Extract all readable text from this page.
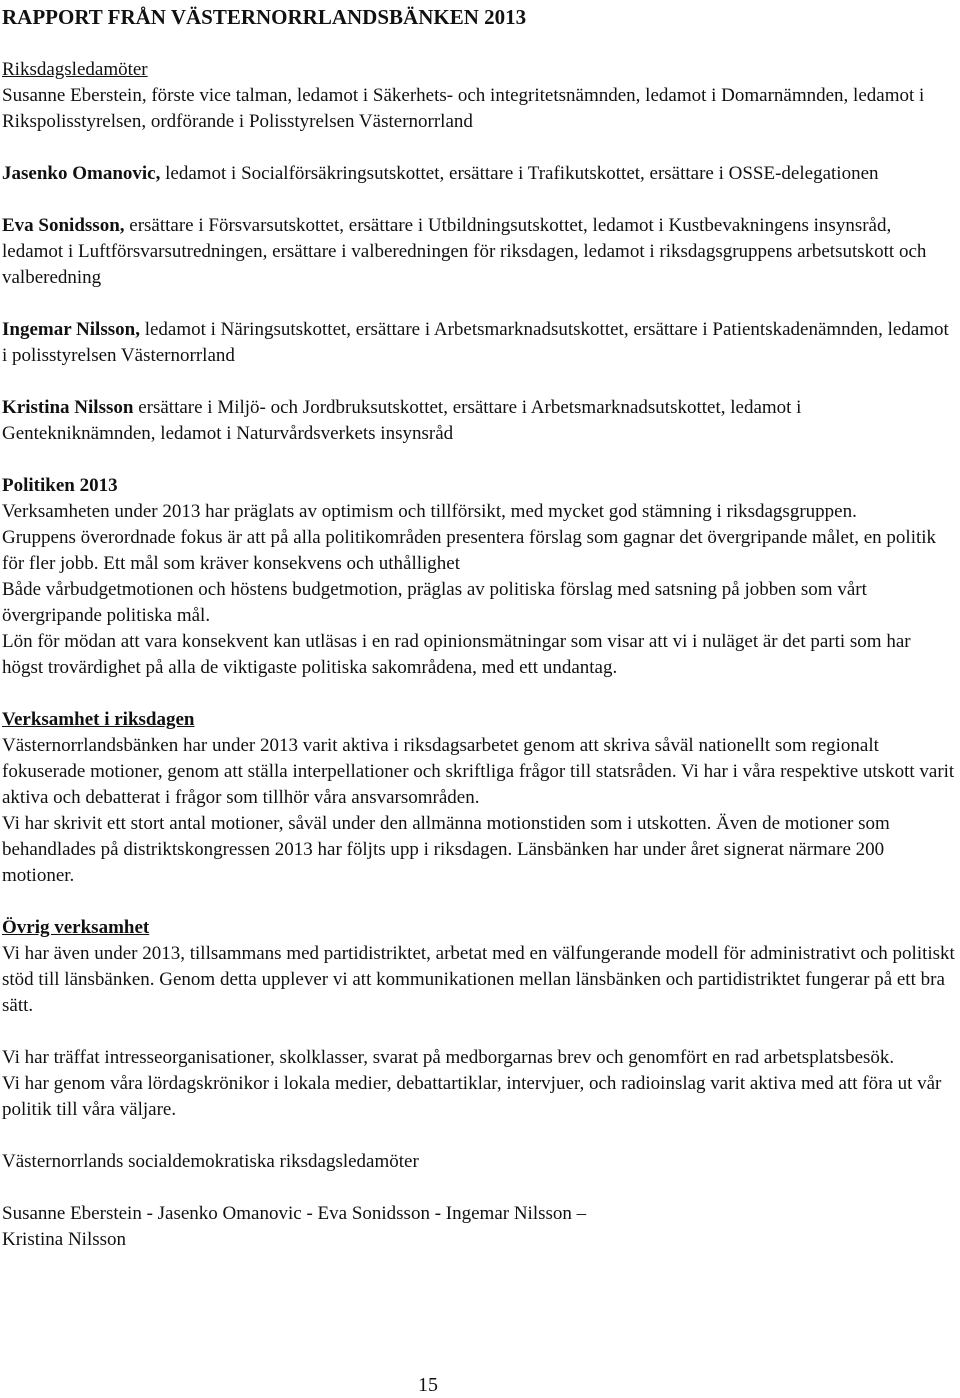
RAPPORT FRÅN VÄSTERNORRLANDSBÄNKEN 2013

Riksdagsledamöter

Susanne Eberstein, förste vice talman, ledamot i Säkerhets- och integritetsnämnden, ledamot i Domarnämnden, ledamot i Rikspolisstyrelsen, ordförande i Polisstyrelsen Västernorrland

Jasenko Omanovic, ledamot i Socialförsäkringsutskottet, ersättare i Trafikutskottet, ersättare i OSSE-delegationen

Eva Sonidsson, ersättare i Försvarsutskottet, ersättare i Utbildningsutskottet, ledamot i Kustbevakningens insynsråd, ledamot i Luftförsvarsutredningen, ersättare i valberedningen för riksdagen, ledamot i riksdagsgruppens arbetsutskott och valberedning

Ingemar Nilsson, ledamot i Näringsutskottet, ersättare i Arbetsmarknadsutskottet, ersättare i Patientskadenämnden, ledamot i polisstyrelsen Västernorrland

Kristina Nilsson ersättare i Miljö- och Jordbruksutskottet, ersättare i Arbetsmarknadsutskottet, ledamot i Gentekniknämnden, ledamot i Naturvårdsverkets insynsråd

Politiken 2013

Verksamheten under 2013 har präglats av optimism och tillförsikt, med mycket god stämning i riksdagsgruppen.

Gruppens överordnade fokus är att på alla politikområden presentera förslag som gagnar det övergripande målet, en politik för fler jobb. Ett mål som kräver konsekvens och uthållighet

Både vårbudgetmotionen och höstens budgetmotion, präglas av politiska förslag med satsning på jobben som vårt övergripande politiska mål.

Lön för mödan att vara konsekvent kan utläsas i en rad opinionsmätningar som visar att vi i nuläget är det parti som har högst trovärdighet på alla de viktigaste politiska sakområdena, med ett undantag.

Verksamhet i riksdagen

Västernorrlandsbänken har under 2013 varit aktiva i riksdagsarbetet genom att skriva såväl nationellt som regionalt fokuserade motioner, genom att ställa interpellationer och skriftliga frågor till statsråden. Vi har i våra respektive utskott varit aktiva och debatterat i frågor som tillhör våra ansvarsområden.

Vi har skrivit ett stort antal motioner, såväl under den allmänna motionstiden som i utskotten. Även de motioner som behandlades på distriktskongressen 2013 har följts upp i riksdagen. Länsbänken har under året signerat närmare 200 motioner.

Övrig verksamhet

Vi har även under 2013, tillsammans med partidistriktet, arbetat med en välfungerande modell för administrativt och politiskt stöd till länsbänken. Genom detta upplever vi att kommunikationen mellan länsbänken och partidistriktet fungerar på ett bra sätt.

Vi har träffat intresseorganisationer, skolklasser, svarat på medborgarnas brev och genomfört en rad arbetsplatsbesök.

Vi har genom våra lördagskrönikor i lokala medier, debattartiklar, intervjuer, och radioinslag varit aktiva med att föra ut vår politik till våra väljare.

Västernorrlands socialdemokratiska riksdagsledamöter

Susanne Eberstein - Jasenko Omanovic - Eva Sonidsson - Ingemar Nilsson –

Kristina Nilsson

15
